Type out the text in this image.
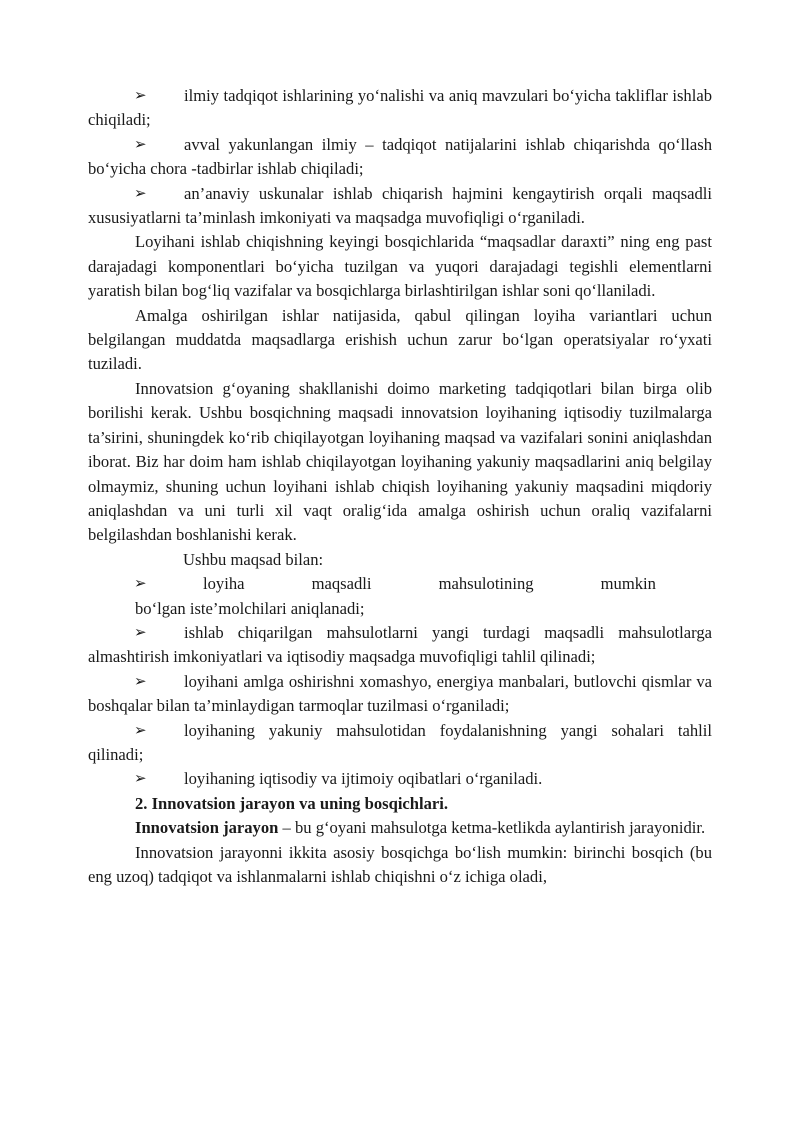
➢ ilmiy tadqiqot ishlarining yo‘nalishi va aniq mavzulari bo‘yicha takliflar ishlab chiqiladi;

➢ avval yakunlangan ilmiy – tadqiqot natijalarini ishlab chiqarishda qo‘llash bo‘yicha chora -tadbirlar ishlab chiqiladi;

➢ an’anaviy uskunalar ishlab chiqarish hajmini kengaytirish orqali maqsadli xususiyatlarni ta’minlash imkoniyati va maqsadga muvofiqligi o‘rganiladi.

Loyihani ishlab chiqishning keyingi bosqichlarida “maqsadlar daraxti” ning eng past darajadagi komponentlari bo‘yicha tuzilgan va yuqori darajadagi tegishli elementlarni yaratish bilan bog‘liq vazifalar va bosqichlarga birlashtirilgan ishlar soni qo‘llaniladi.

Amalga oshirilgan ishlar natijasida, qabul qilingan loyiha variantlari uchun belgilangan muddatda maqsadlarga erishish uchun zarur bo‘lgan operatsiyalar ro‘yxati tuziladi.

Innovatsion g‘oyaning shakllanishi doimo marketing tadqiqotlari bilan birga olib borilishi kerak. Ushbu bosqichning maqsadi innovatsion loyihaning iqtisodiy tuzilmalarga ta’sirini, shuningdek ko‘rib chiqilayotgan loyihaning maqsad va vazifalari sonini aniqlashdan iborat. Biz har doim ham ishlab chiqilayotgan loyihaning yakuniy maqsadlarini aniq belgilay olmaymiz, shuning uchun loyihani ishlab chiqish loyihaning yakuniy maqsadini miqdoriy aniqlashdan va uni turli xil vaqt oralig‘ida amalga oshirish uchun oraliq vazifalarni belgilashdan boshlanishi kerak.

Ushbu maqsad bilan:

➢	loyiha	maqsadli	mahsulotining	mumkin
bo‘lgan iste’molchilari aniqlanadi;

➢ ishlab chiqarilgan mahsulotlarni yangi turdagi maqsadli mahsulotlarga almashtirish imkoniyatlari va iqtisodiy maqsadga muvofiqligi tahlil qilinadi;

➢ loyihani amlga oshirishni xomashyo, energiya manbalari, butlovchi qismlar va boshqalar bilan ta’minlaydigan tarmoqlar tuzilmasi o‘rganiladi;

➢ loyihaning yakuniy mahsulotidan foydalanishning yangi sohalari tahlil qilinadi;

➢ loyihaning iqtisodiy va ijtimoiy oqibatlari o‘rganiladi.

2. Innovatsion jarayon va uning bosqichlari.

Innovatsion jarayon – bu g‘oyani mahsulotga ketma-ketlikda aylantirish jarayonidir.

Innovatsion jarayonni ikkita asosiy bosqichga bo‘lish mumkin: birinchi bosqich (bu eng uzoq) tadqiqot va ishlanmalarni ishlab chiqishni o‘z ichiga oladi,
